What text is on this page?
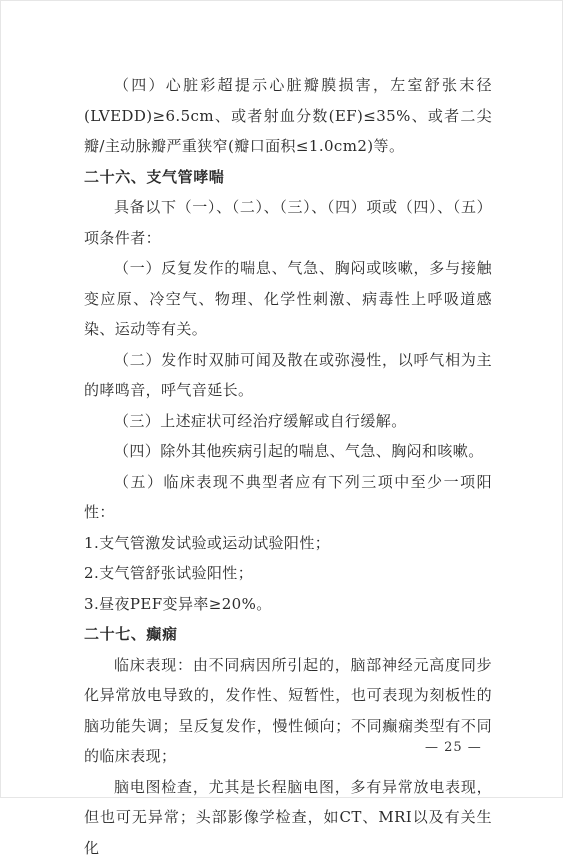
（四）心脏彩超提示心脏瓣膜损害，左室舒张末径(LVEDD)≥6.5cm、或者射血分数(EF)≤35%、或者二尖瓣/主动脉瓣严重狭窄(瓣口面积≤1.0cm2)等。

二十六、支气管哮喘

具备以下（一）、（二）、（三）、（四）项或（四）、（五）项条件者：

（一）反复发作的喘息、气急、胸闷或咳嗽，多与接触变应原、冷空气、物理、化学性刺激、病毒性上呼吸道感染、运动等有关。

（二）发作时双肺可闻及散在或弥漫性，以呼气相为主的哮鸣音，呼气音延长。

（三）上述症状可经治疗缓解或自行缓解。

（四）除外其他疾病引起的喘息、气急、胸闷和咳嗽。

（五）临床表现不典型者应有下列三项中至少一项阳性：

1.支气管激发试验或运动试验阳性；

2.支气管舒张试验阳性；

3.昼夜PEF变异率≥20%。

二十七、癫痫

临床表现：由不同病因所引起的，脑部神经元高度同步化异常放电导致的，发作性、短暂性，也可表现为刻板性的脑功能失调；呈反复发作，慢性倾向；不同癫痫类型有不同的临床表现；

脑电图检查，尤其是长程脑电图，多有异常放电表现，但也可无异常；头部影像学检查，如CT、MRI以及有关生化

— 25 —
